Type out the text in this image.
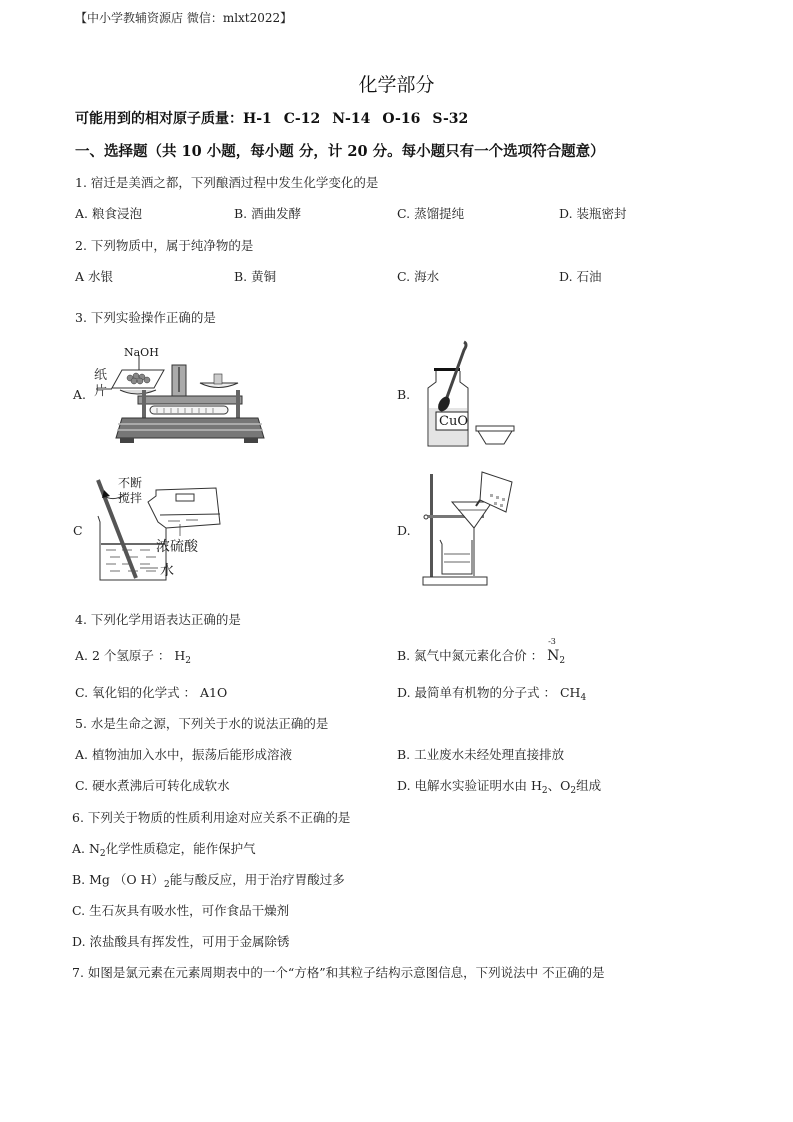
【中小学教辅资源店 微信：mlxt2022】
化学部分
可能用到的相对原子质量：H-1 C-12 N-14 O-16 S-32
一、选择题（共 10 小题，每小题 分，计 20 分。每小题只有一个选项符合题意）
1. 宿迁是美酒之都，下列酿酒过程中发生化学变化的是
A. 粮食浸泡	B. 酒曲发酵	C. 蒸馏提纯	D. 装瓶密封
2. 下列物质中，属于纯净物的是
A 水银	B. 黄铜	C. 海水	D. 石油
3. 下列实验操作正确的是
A.	B.
C	D.
NaOH
纸
片
CuO
不断
搅拌
浓硫酸
水
4. 下列化学用语表达正确的是
A. 2 个氢原子 ： $H_2$	B. 氮气中氮元素化合价 ：
-3
$N_2$
C. 氧化铝的化学式 ： A1O	D. 最简单有机物的分子式 ： $CH_4$
5. 水是生命之源，下列关于水的说法正确的是
A. 植物油加入水中，振荡后能形成溶液	B. 工业废水未经处理直接排放
C. 硬水煮沸后可转化成软水	D. 电解水实验证明水由 $H_2$、$O_2$组成
6. 下列关于物质的性质利用途对应关系不正确的是
A. $N_2$化学性质稳定，能作保护气
B. Mg （O $H)_2$能与酸反应，用于治疗胃酸过多
C. 生石灰具有吸水性，可作食品干燥剂
D. 浓盐酸具有挥发性，可用于金属除锈
7. 如图是氯元素在元素周期表中的一个“方格”和其粒子结构示意图信息，下列说法中 不正确的是
